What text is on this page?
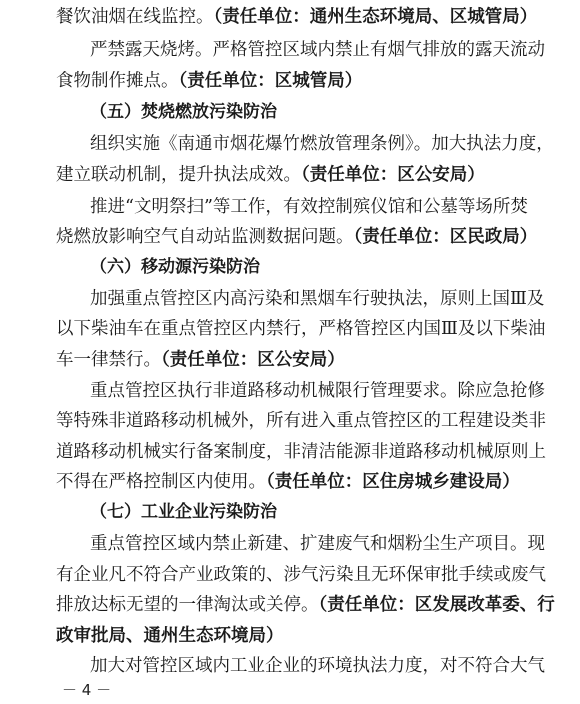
餐饮油烟在线监控。（责任单位：通州生态环境局、区城管局）
严禁露天烧烤。严格管控区域内禁止有烟气排放的露天流动
食物制作摊点。（责任单位：区城管局）
（五）焚烧燃放污染防治
组织实施《南通市烟花爆竹燃放管理条例》。加大执法力度，
建立联动机制，提升执法成效。（责任单位：区公安局）
推进“文明祭扫”等工作，有效控制殡仪馆和公墓等场所焚
烧燃放影响空气自动站监测数据问题。（责任单位：区民政局）
（六）移动源污染防治
加强重点管控区内高污染和黑烟车行驶执法，原则上国Ⅲ及
以下柴油车在重点管控区内禁行，严格管控区内国Ⅲ及以下柴油
车一律禁行。（责任单位：区公安局）
重点管控区执行非道路移动机械限行管理要求。除应急抢修
等特殊非道路移动机械外，所有进入重点管控区的工程建设类非
道路移动机械实行备案制度，非清洁能源非道路移动机械原则上
不得在严格控制区内使用。（责任单位：区住房城乡建设局）
（七）工业企业污染防治
重点管控区域内禁止新建、扩建废气和烟粉尘生产项目。现
有企业凡不符合产业政策的、涉气污染且无环保审批手续或废气
排放达标无望的一律淘汰或关停。（责任单位：区发展改革委、行
政审批局、通州生态环境局）
加大对管控区域内工业企业的环境执法力度，对不符合大气
－ 4 －
